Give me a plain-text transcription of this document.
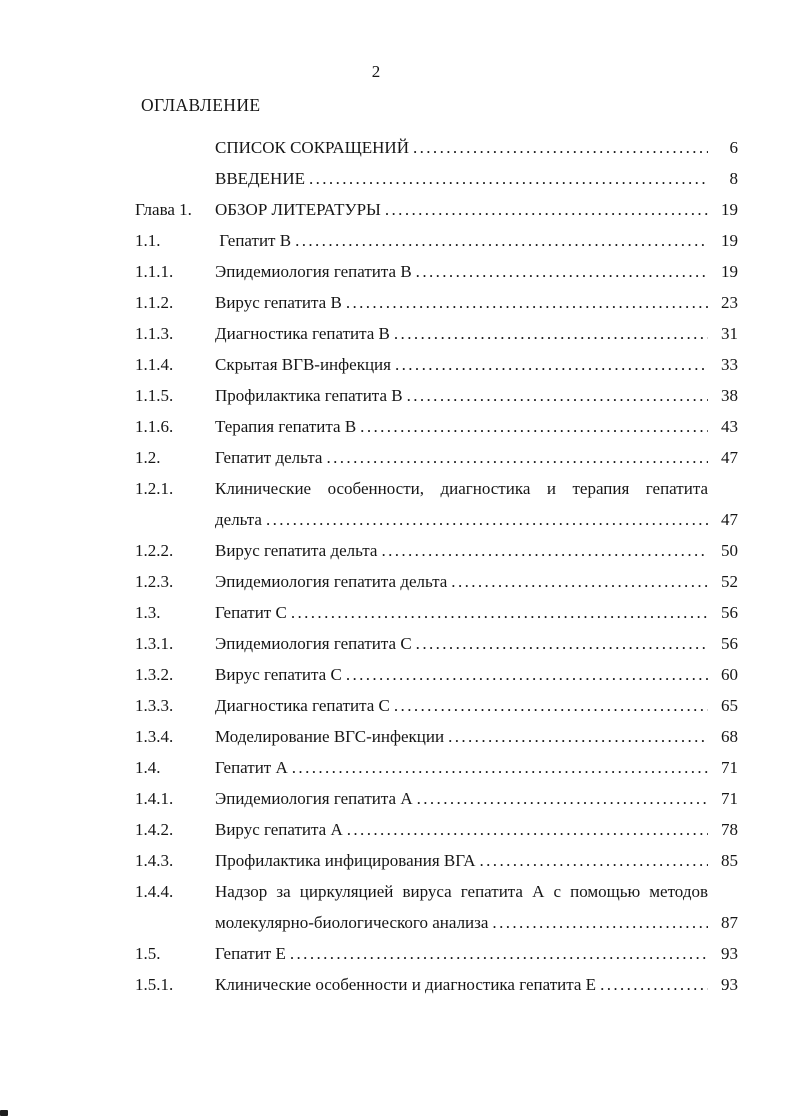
2
ОГЛАВЛЕНИЕ
СПИСОК СОКРАЩЕНИЙ .....	6
ВВЕДЕНИЕ .....	8
Глава 1.	ОБЗОР ЛИТЕРАТУРЫ .....	19
1.1.	Гепатит В .....	19
1.1.1.	Эпидемиология гепатита В .....	19
1.1.2.	Вирус гепатита В .....	23
1.1.3.	Диагностика гепатита В .....	31
1.1.4.	Скрытая ВГВ-инфекция .....	33
1.1.5.	Профилактика гепатита В .....	38
1.1.6.	Терапия гепатита В .....	43
1.2.	Гепатит дельта .....	47
1.2.1.	Клинические особенности, диагностика и терапия гепатита
дельта .....	47
1.2.2.	Вирус гепатита дельта .....	50
1.2.3.	Эпидемиология гепатита дельта .....	52
1.3.	Гепатит С .....	56
1.3.1.	Эпидемиология гепатита С .....	56
1.3.2.	Вирус гепатита С .....	60
1.3.3.	Диагностика гепатита С .....	65
1.3.4.	Моделирование ВГС-инфекции .....	68
1.4.	Гепатит А .....	71
1.4.1.	Эпидемиология гепатита А .....	71
1.4.2.	Вирус гепатита А .....	78
1.4.3.	Профилактика инфицирования ВГА .....	85
1.4.4.	Надзор за циркуляцией вируса гепатита А с помощью методов
молекулярно-биологического анализа .....	87
1.5.	Гепатит Е .....	93
1.5.1.	Клинические особенности и диагностика гепатита Е .....	93
